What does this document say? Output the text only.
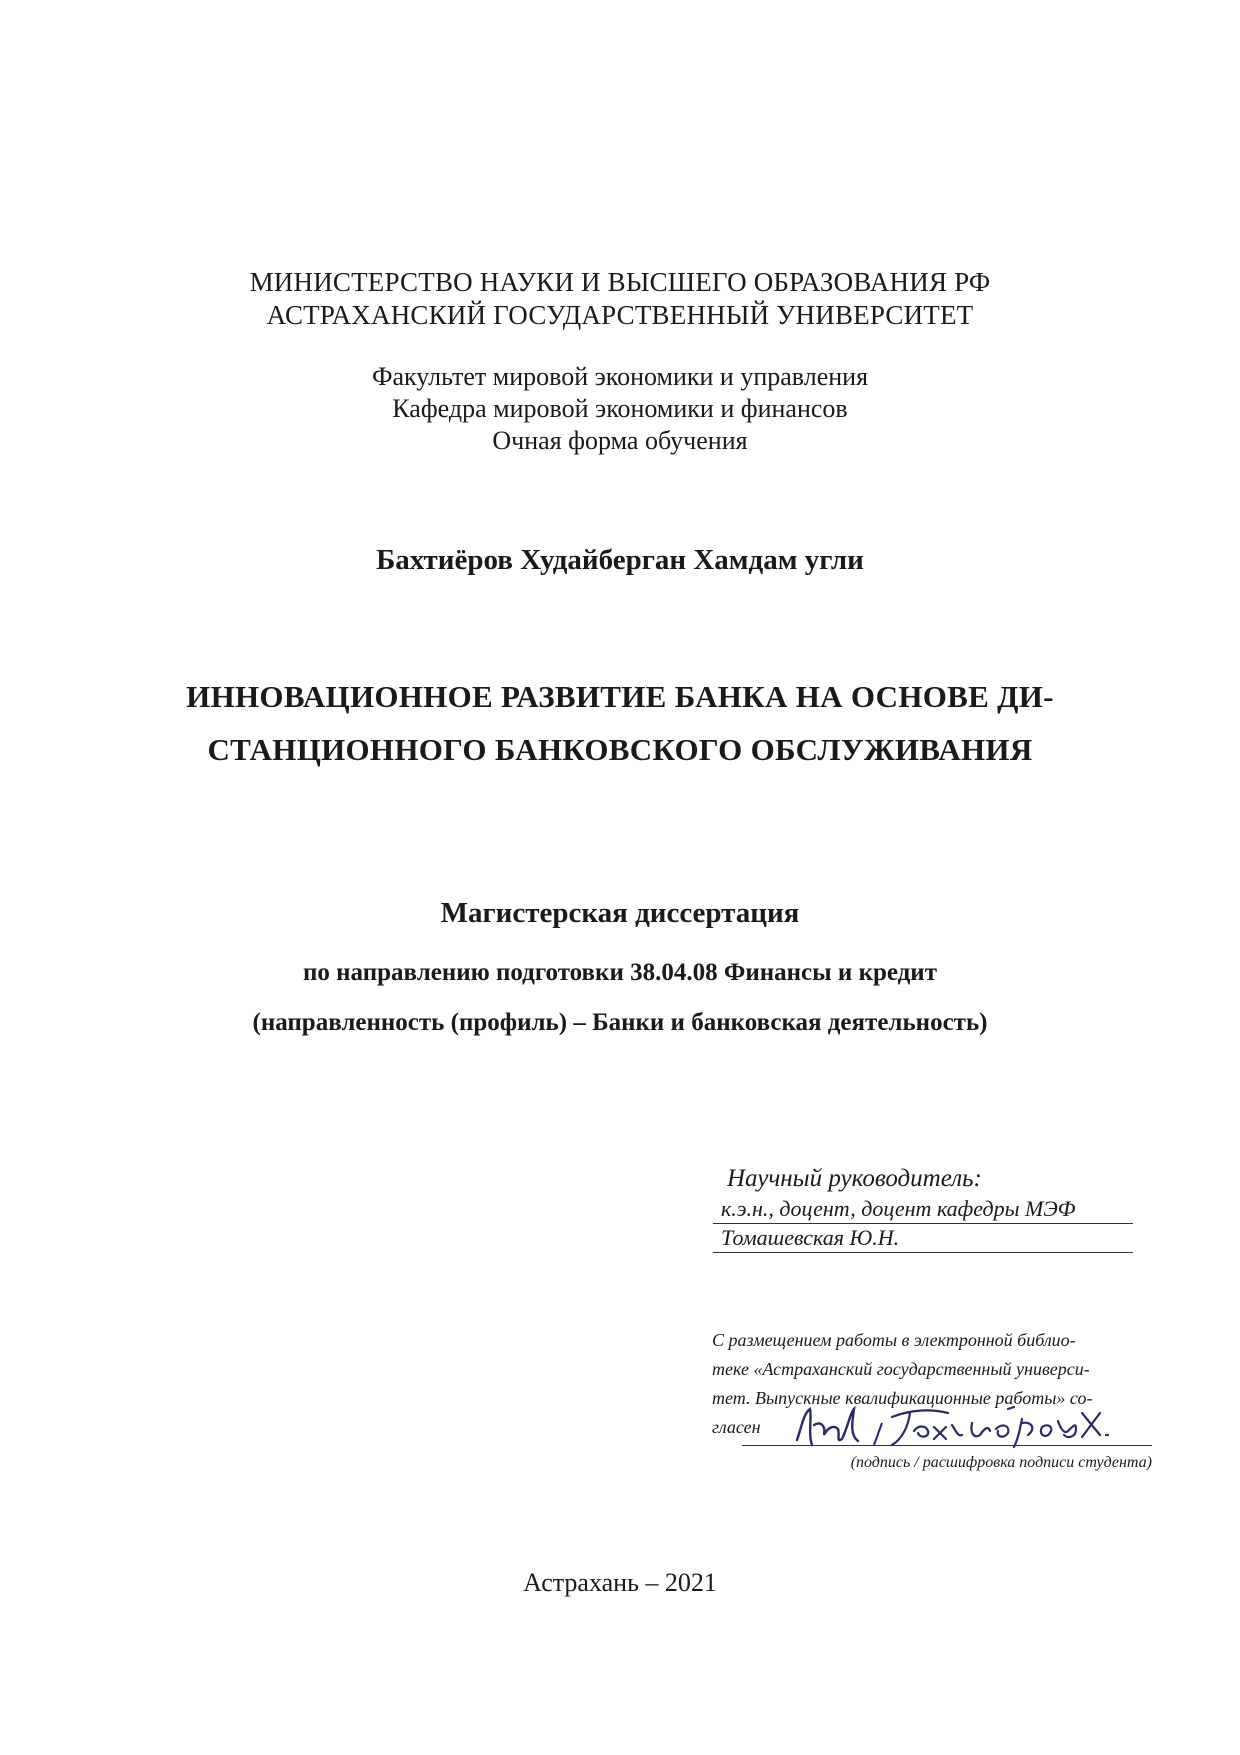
МИНИСТЕРСТВО НАУКИ И ВЫСШЕГО ОБРАЗОВАНИЯ РФ
АСТРАХАНСКИЙ ГОСУДАРСТВЕННЫЙ УНИВЕРСИТЕТ
Факультет мировой экономики и управления
Кафедра мировой экономики и финансов
Очная форма обучения
Бахтиёров Худайберган Хамдам угли
ИННОВАЦИОННОЕ РАЗВИТИЕ БАНКА НА ОСНОВЕ ДИ-
СТАНЦИОННОГО БАНКОВСКОГО ОБСЛУЖИВАНИЯ
Магистерская диссертация
по направлению подготовки 38.04.08 Финансы и кредит
(направленность (профиль) – Банки и банковская деятельность)
Научный руководитель:
к.э.н., доцент, доцент кафедры МЭФ
Томашевская Ю.Н.
С размещением работы в электронной библио-
теке «Астраханский государственный универси-
тет. Выпускные квалификационные работы» со-
гласен
(подпись / расшифровка подписи студента)
Астрахань – 2021
